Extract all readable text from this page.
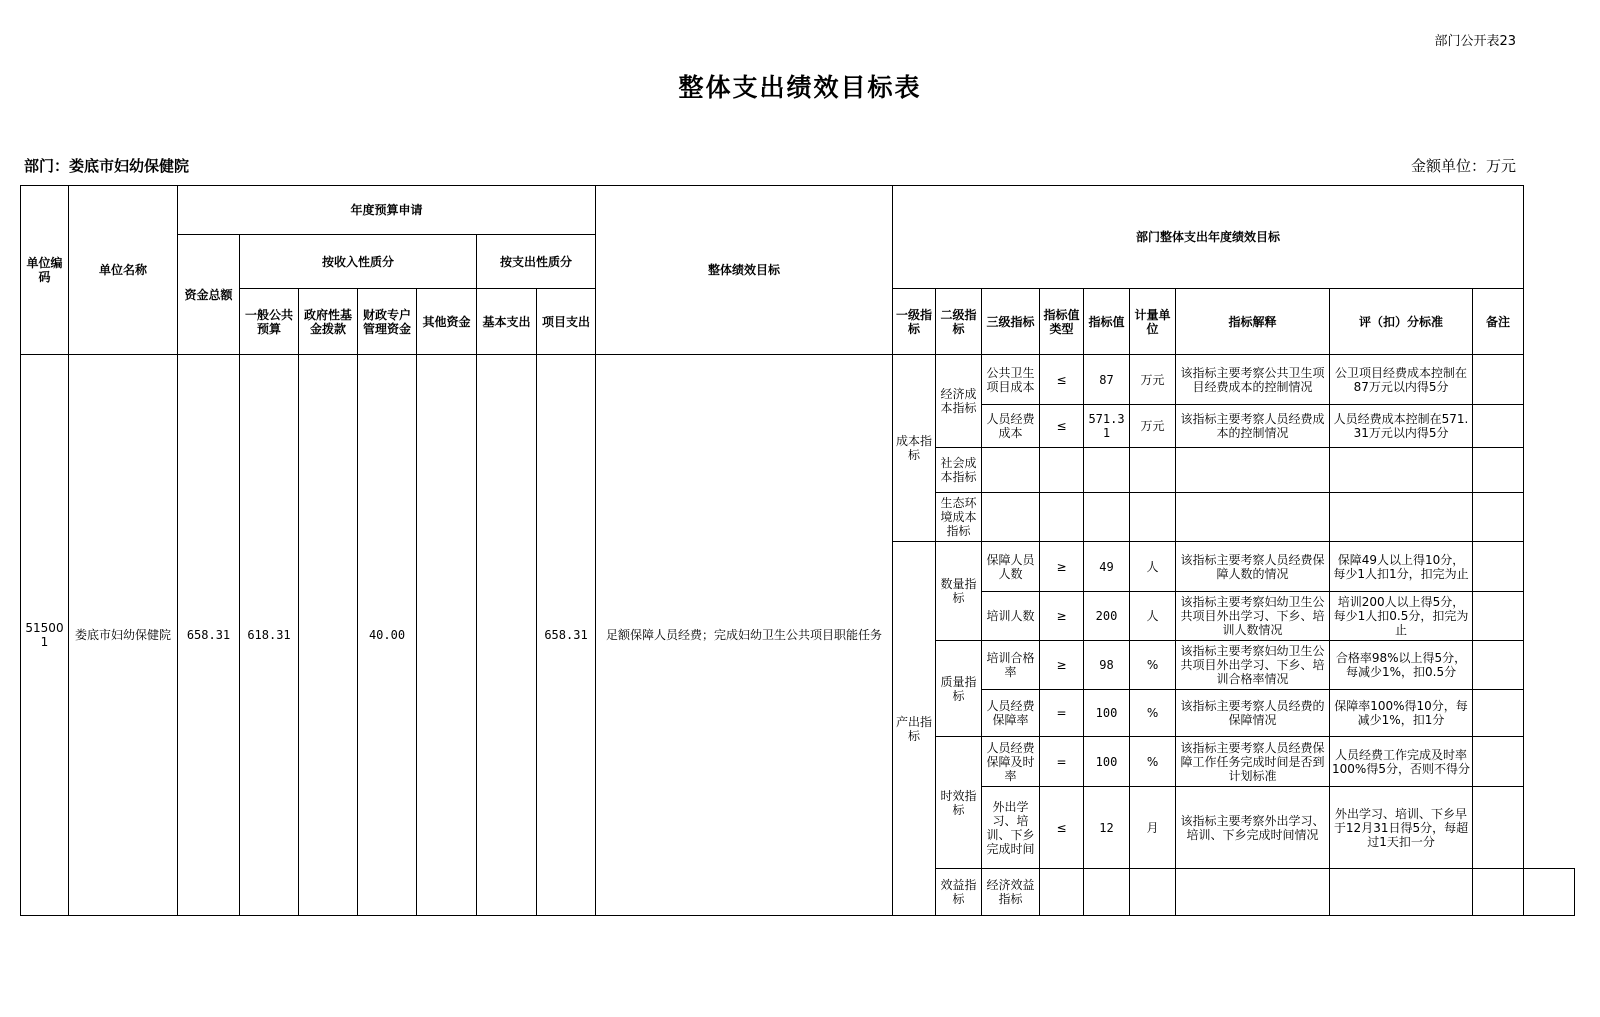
部门公开表23
整体支出绩效目标表
部门：娄底市妇幼保健院	金额单位：万元
单位编码	单位名称	年度预算申请							整体绩效目标	部门整体支出年度绩效目标									
		资金总额	按收入性质分				按支出性质分												
			一般公共预算	政府性基金拨款	财政专户管理资金	其他资金	基本支出	项目支出		一级指标	二级指标	三级指标	指标值类型	指标值	计量单位	指标解释	评（扣）分标准	备注	
515001	娄底市妇幼保健院	658.31	618.31		40.00			658.31	足额保障人员经费；完成妇幼卫生公共项目职能任务	成本指标	经济成本指标	公共卫生项目成本	≤	87	万元	该指标主要考察公共卫生项目经费成本的控制情况	公卫项目经费成本控制在87万元以内得5分		
												人员经费成本	≤	571.31	万元	该指标主要考察人员经费成本的控制情况	人员经费成本控制在571.31万元以内得5分		
											社会成本指标								
											生态环境成本指标								
										产出指标	数量指标	保障人员人数	≥	49	人	该指标主要考察人员经费保障人数的情况	保障49人以上得10分，每少1人扣1分，扣完为止		
												培训人数	≥	200	人	该指标主要考察妇幼卫生公共项目外出学习、下乡、培训人数情况	培训200人以上得5分，每少1人扣0.5分，扣完为止		
											质量指标	培训合格率	≥	98	%	该指标主要考察妇幼卫生公共项目外出学习、下乡、培训合格率情况	合格率98%以上得5分，每减少1%，扣0.5分		
												人员经费保障率	=	100	%	该指标主要考察人员经费的保障情况	保障率100%得10分，每减少1%，扣1分		
											时效指标	人员经费保障及时率	=	100	%	该指标主要考察人员经费保障工作任务完成时间是否到计划标准	人员经费工作完成及时率100%得5分，否则不得分		
												外出学习、培训、下乡完成时间	≤	12	月	该指标主要考察外出学习、培训、下乡完成时间情况	外出学习、培训、下乡早于12月31日得5分，每超过1天扣一分		
											效益指标	经济效益指标							
